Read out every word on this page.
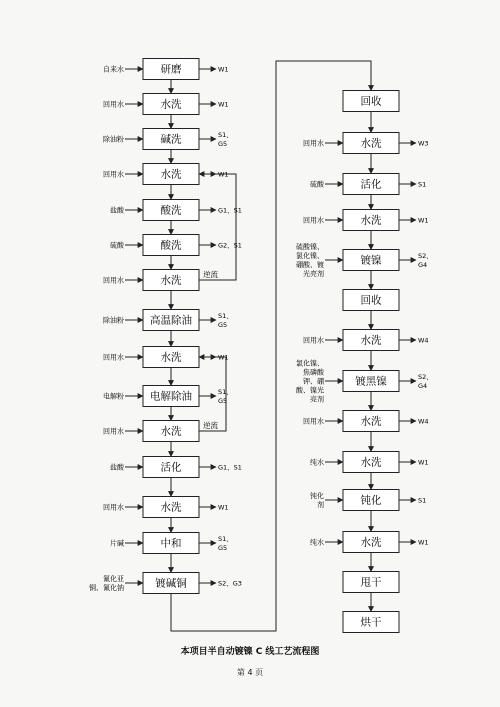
研磨
自来水	W1
水洗
回用水	W1
碱洗
除油粉
S1、 G5
水洗
回用水	W1
酸洗
盐酸	G1、S1
酸洗
硫酸	G2、S1
水洗
回用水
高温除油
除油粉
S1、 G5
水洗
回用水	W1
电解除油
电解粉
S1、 G5
水洗
回用水
活化
盐酸	G1、S1
水洗
回用水	W1
中和
片碱
S1、 G5
镀碱铜
氰化亚铜、氰化钠
S2、G3
回收
水洗
回用水	W3
活化
硫酸	S1
水洗
回用水	W1
镀镍
硫酸镍、氯化镍、硼酸、镀光亮剂
S2、 G4
回收
水洗
回用水	W4
镀黑镍
氯化镍、焦磷酸钾、硼酸、镍光亮剂
S2、 G4
水洗
回用水	W4
水洗
纯水	W1
钝化
钝化剂
S1
水洗
纯水	W1
甩干
烘干
逆流
逆流
本项目半自动镀镍 C 线工艺流程图
第 4 页
